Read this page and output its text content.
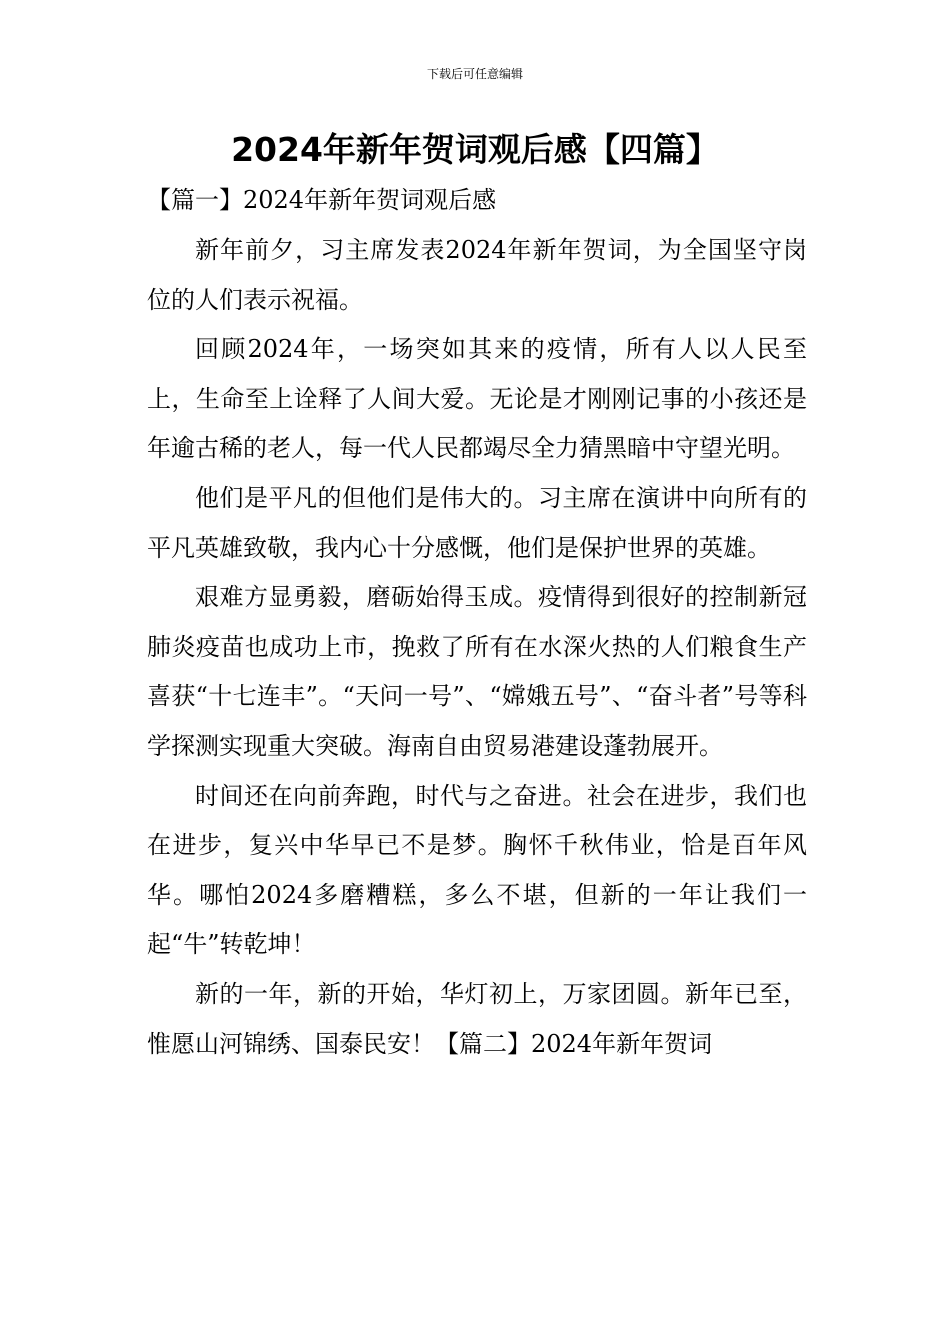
下载后可任意编辑
2024年新年贺词观后感【四篇】
【篇一】2024年新年贺词观后感

新年前夕，习主席发表2024年新年贺词，为全国坚守岗位的人们表示祝福。

回顾2024年，一场突如其来的疫情，所有人以人民至上，生命至上诠释了人间大爱。无论是才刚刚记事的小孩还是年逾古稀的老人，每一代人民都竭尽全力猜黑暗中守望光明。

他们是平凡的但他们是伟大的。习主席在演讲中向所有的平凡英雄致敬，我内心十分感慨，他们是保护世界的英雄。

艰难方显勇毅，磨砺始得玉成。疫情得到很好的控制新冠肺炎疫苗也成功上市，挽救了所有在水深火热的人们粮食生产喜获“十七连丰”。“天问一号”、“嫦娥五号”、“奋斗者”号等科学探测实现重大突破。海南自由贸易港建设蓬勃展开。

时间还在向前奔跑，时代与之奋进。社会在进步，我们也在进步，复兴中华早已不是梦。胸怀千秋伟业，恰是百年风华。哪怕2024多磨糟糕，多么不堪，但新的一年让我们一起“牛”转乾坤！

新的一年，新的开始，华灯初上，万家团圆。新年已至，惟愿山河锦绣、国泰民安！【篇二】2024年新年贺词
